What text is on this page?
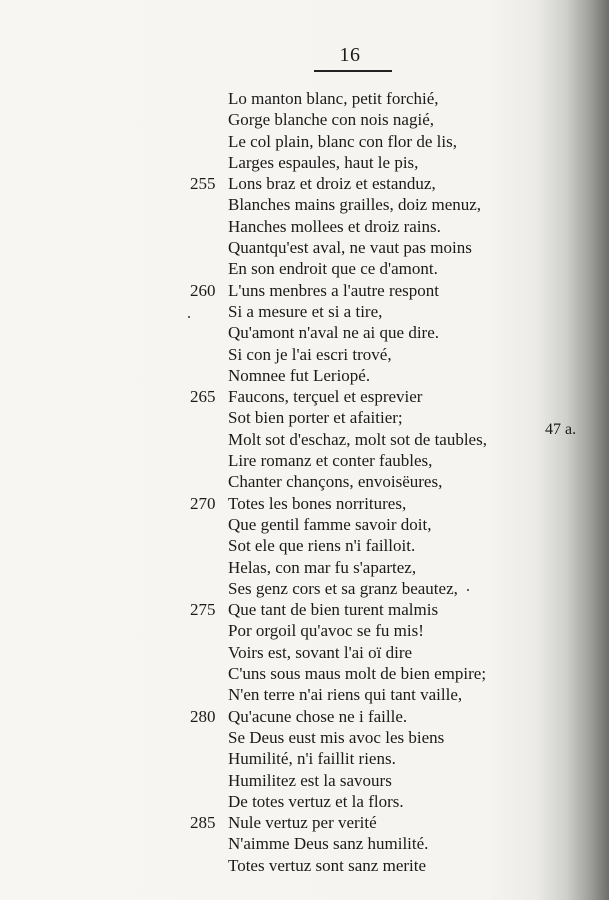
16
Lo manton blanc, petit forchié,
Gorge blanche con nois nagié,
Le col plain, blanc con flor de lis,
Larges espaules, haut le pis,
255 Lons braz et droiz et estanduz,
Blanches mains grailles, doiz menuz,
Hanches mollees et droiz rains.
Quantqu'est aval, ne vaut pas moins
En son endroit que ce d'amont.
260 L'uns menbres a l'autre respont
Si a mesure et si a tire,
Qu'amont n'aval ne ai que dire.
Si con je l'ai escri trové,
Nomnee fut Leriopé.
265 Faucons, terçuel et esprevier
Sot bien porter et afaitier;
Molt sot d'eschaz, molt sot de taubles,
Lire romanz et conter faubles,
Chanter chançons, envoisëures,
270 Totes les bones norritures,
Que gentil famme savoir doit,
Sot ele que riens n'i failloit.
Helas, con mar fu s'apartez,
Ses genz cors et sa granz beautez,
275 Que tant de bien turent malmis
Por orgoil qu'avoc se fu mis!
Voirs est, sovant l'ai oï dire
C'uns sous maus molt de bien empire;
N'en terre n'ai riens qui tant vaille,
280 Qu'acune chose ne i faille.
Se Deus eust mis avoc les biens
Humilité, n'i faillit riens.
Humilitez est la savours
De totes vertuz et la flors.
285 Nule vertuz per verité
N'aimme Deus sanz humilité.
Totes vertuz sont sanz merite
47 a.
